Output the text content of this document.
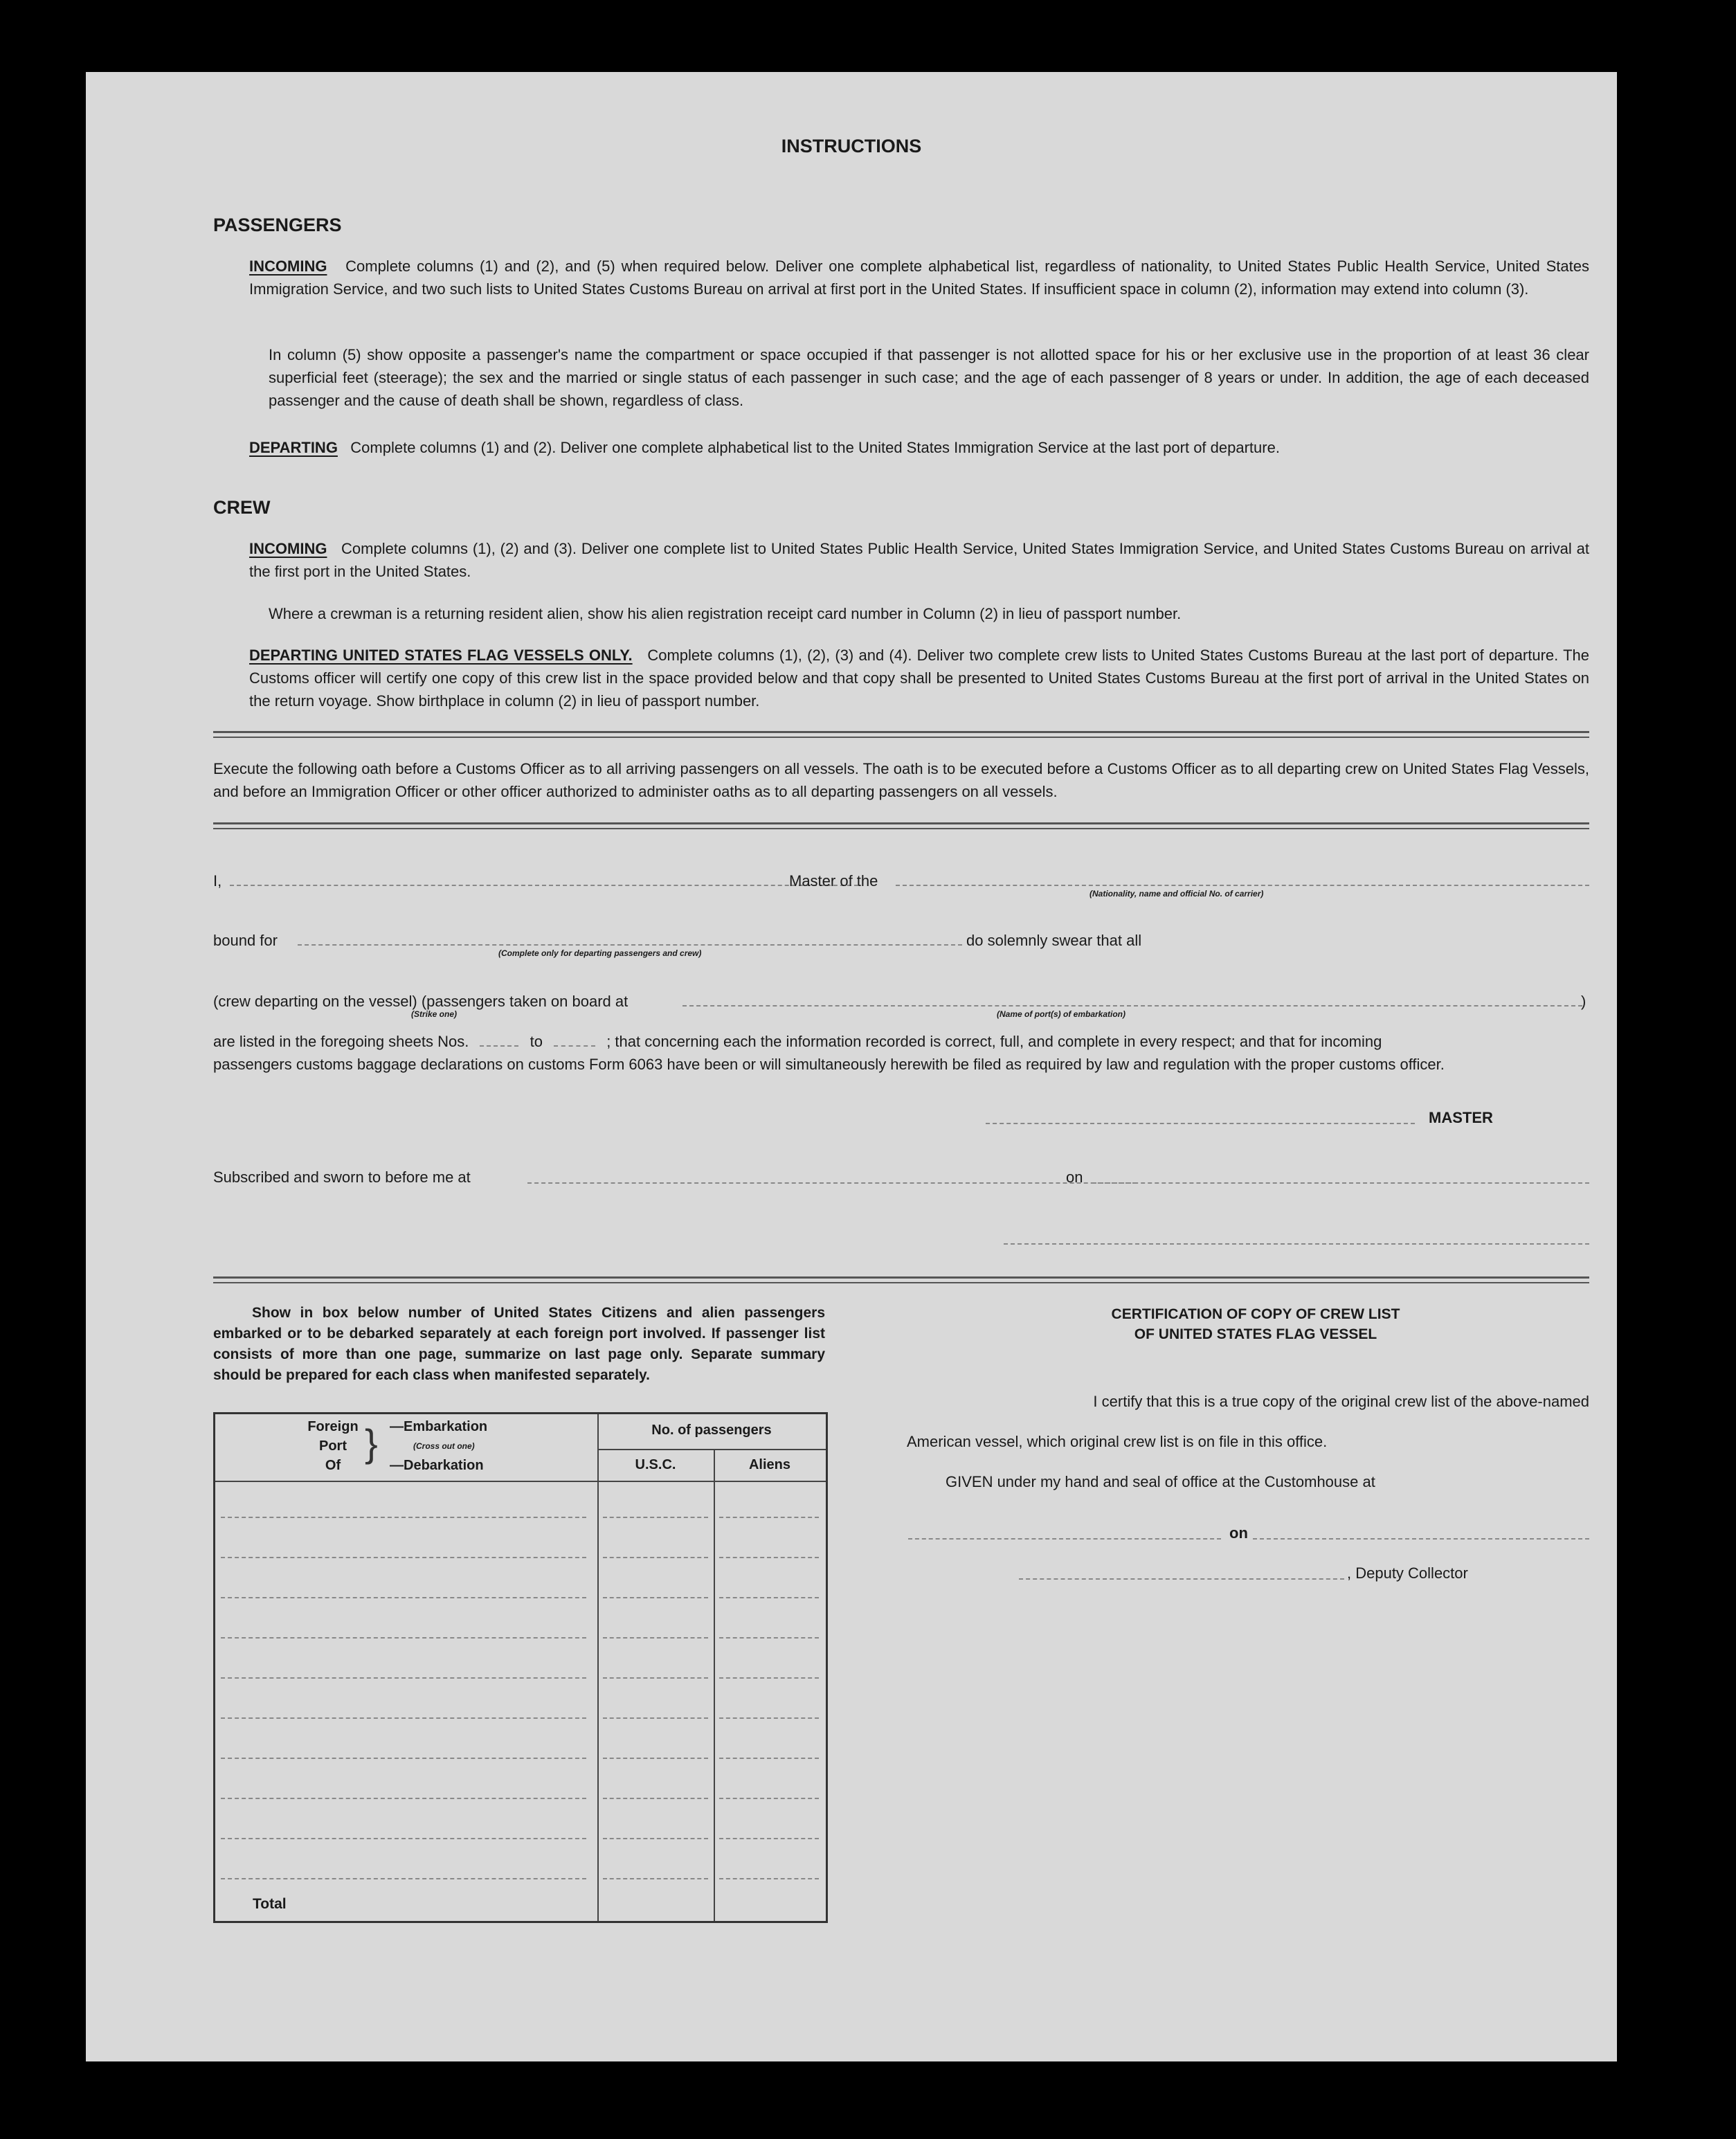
INSTRUCTIONS
PASSENGERS
INCOMING Complete columns (1) and (2), and (5) when required below. Deliver one complete alphabetical list, regardless of nationality, to United States Public Health Service, United States Immigration Service, and two such lists to United States Customs Bureau on arrival at first port in the United States. If insufficient space in column (2), information may extend into column (3).
In column (5) show opposite a passenger's name the compartment or space occupied if that passenger is not allotted space for his or her exclusive use in the proportion of at least 36 clear superficial feet (steerage); the sex and the married or single status of each passenger in such case; and the age of each passenger of 8 years or under. In addition, the age of each deceased passenger and the cause of death shall be shown, regardless of class.
DEPARTING Complete columns (1) and (2). Deliver one complete alphabetical list to the United States Immigration Service at the last port of departure.
CREW
INCOMING Complete columns (1), (2) and (3). Deliver one complete list to United States Public Health Service, United States Immigration Service, and United States Customs Bureau on arrival at the first port in the United States.
Where a crewman is a returning resident alien, show his alien registration receipt card number in Column (2) in lieu of passport number.
DEPARTING UNITED STATES FLAG VESSELS ONLY. Complete columns (1), (2), (3) and (4). Deliver two complete crew lists to United States Customs Bureau at the last port of departure. The Customs officer will certify one copy of this crew list in the space provided below and that copy shall be presented to United States Customs Bureau at the first port of arrival in the United States on the return voyage. Show birthplace in column (2) in lieu of passport number.
Execute the following oath before a Customs Officer as to all arriving passengers on all vessels. The oath is to be executed before a Customs Officer as to all departing crew on United States Flag Vessels, and before an Immigration Officer or other officer authorized to administer oaths as to all departing passengers on all vessels.
I,	Master of the
(Nationality, name and official No. of carrier)
bound for
(Complete only for departing passengers and crew)
do solemnly swear that all
(crew departing on the vessel) (passengers taken on board at
(Strike one)	(Name of port(s) of embarkation)
)
are listed in the foregoing sheets Nos.	to	; that concerning each the information recorded is correct, full, and complete in every respect; and that for incoming
passengers customs baggage declarations on customs Form 6063 have been or will simultaneously herewith be filed as required by law and regulation with the proper customs officer.
MASTER
Subscribed and sworn to before me at	on
Show in box below number of United States Citizens and alien passengers embarked or to be debarked separately at each foreign port involved. If passenger list consists of more than one page, summarize on last page only. Separate summary should be prepared for each class when manifested separately.
Foreign
Port
Of
} —Embarkation
(Cross out one)
—Debarkation
No. of passengers
U.S.C.	Aliens
Total
CERTIFICATION OF COPY OF CREW LIST
OF UNITED STATES FLAG VESSEL
I certify that this is a true copy of the original crew list of the above-named
American vessel, which original crew list is on file in this office.
GIVEN under my hand and seal of office at the Customhouse at
on
, Deputy Collector
